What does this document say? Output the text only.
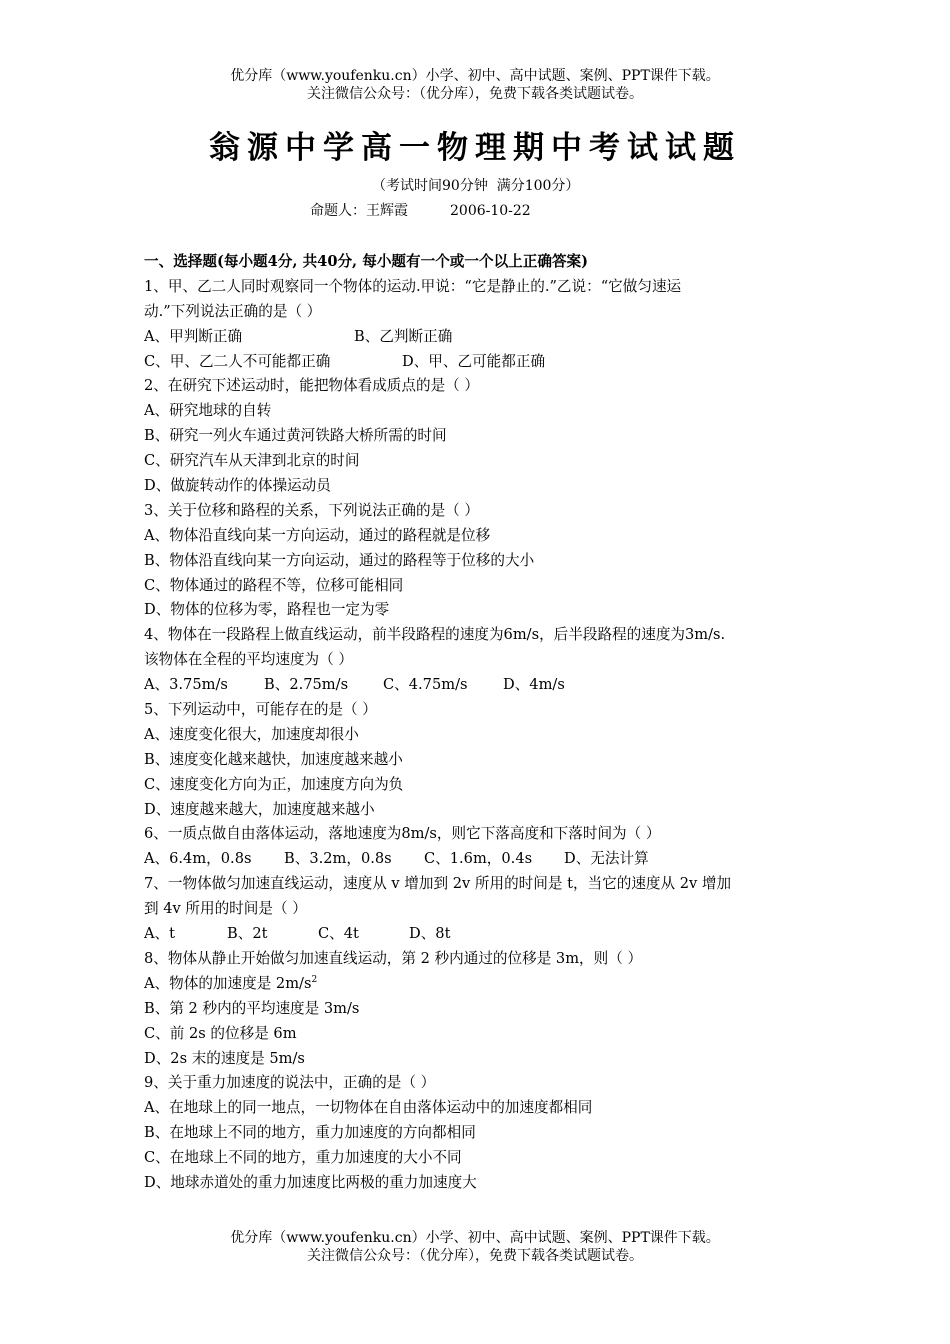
优分库（www.youfenku.cn）小学、初中、高中试题、案例、PPT课件下载。
关注微信公众号：（优分库），免费下载各类试题试卷。
翁源中学高一物理期中考试试题
（考试时间90分钟  满分100分）
命题人：王辉霞	2006-10-22
一、选择题(每小题4分, 共40分, 每小题有一个或一个以上正确答案)
1、甲、乙二人同时观察同一个物体的运动.甲说：“它是静止的.”乙说：“它做匀速运
动.”下列说法正确的是（ ）
A、甲判断正确	B、乙判断正确
C、甲、乙二人不可能都正确	D、甲、乙可能都正确
2、在研究下述运动时，能把物体看成质点的是（ ）
A、研究地球的自转
B、研究一列火车通过黄河铁路大桥所需的时间
C、研究汽车从天津到北京的时间
D、做旋转动作的体操运动员
3、关于位移和路程的关系，下列说法正确的是（ ）
A、物体沿直线向某一方向运动，通过的路程就是位移
B、物体沿直线向某一方向运动，通过的路程等于位移的大小
C、物体通过的路程不等，位移可能相同
D、物体的位移为零，路程也一定为零
4、物体在一段路程上做直线运动，前半段路程的速度为6m/s，后半段路程的速度为3m/s.
该物体在全程的平均速度为（ ）
A、3.75m/s	B、2.75m/s	C、4.75m/s	D、4m/s
5、下列运动中，可能存在的是（ ）
A、速度变化很大，加速度却很小
B、速度变化越来越快，加速度越来越小
C、速度变化方向为正，加速度方向为负
D、速度越来越大，加速度越来越小
6、一质点做自由落体运动，落地速度为8m/s，则它下落高度和下落时间为（ ）
A、6.4m，0.8s	B、3.2m，0.8s	C、1.6m，0.4s	D、无法计算
7、一物体做匀加速直线运动，速度从 v 增加到 2v 所用的时间是 t，当它的速度从 2v 增加
到 4v 所用的时间是（ ）
A、t	B、2t	C、4t	D、8t
8、物体从静止开始做匀加速直线运动，第 2 秒内通过的位移是 3m，则（ ）
A、物体的加速度是 $2m/s^2$
B、第 2 秒内的平均速度是 3m/s
C、前 2s 的位移是 6m
D、2s 末的速度是 5m/s
9、关于重力加速度的说法中，正确的是（ ）
A、在地球上的同一地点，一切物体在自由落体运动中的加速度都相同
B、在地球上不同的地方，重力加速度的方向都相同
C、在地球上不同的地方，重力加速度的大小不同
D、地球赤道处的重力加速度比两极的重力加速度大
优分库（www.youfenku.cn）小学、初中、高中试题、案例、PPT课件下载。
关注微信公众号：（优分库），免费下载各类试题试卷。
